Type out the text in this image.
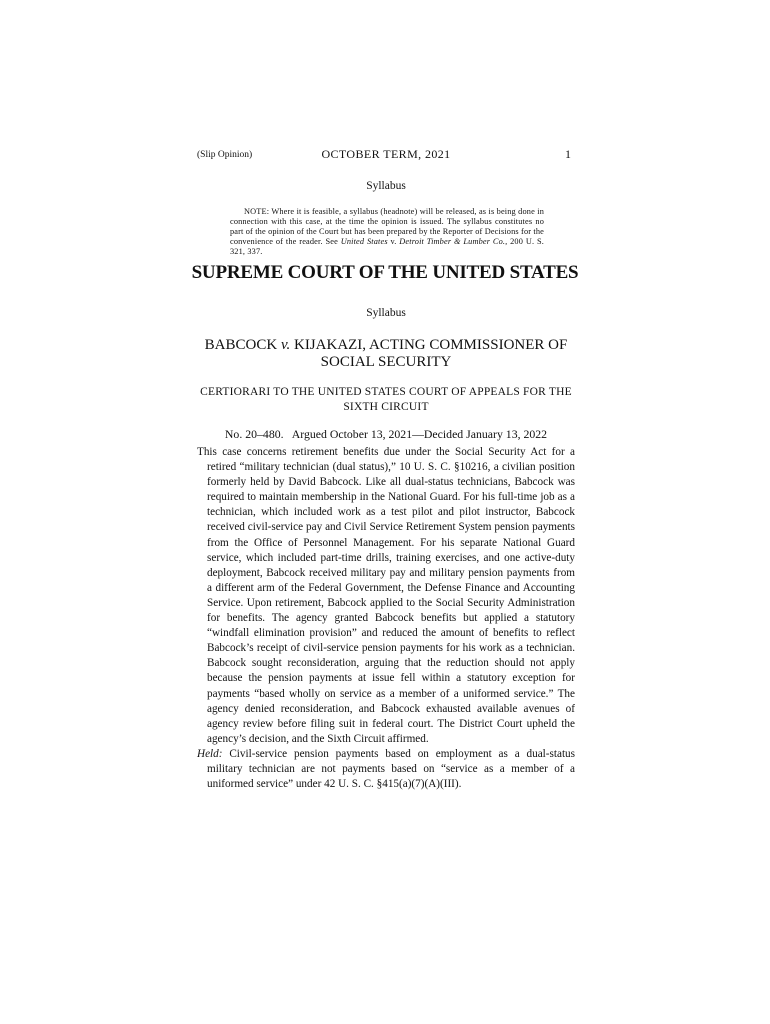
(Slip Opinion)	OCTOBER TERM, 2021	1
Syllabus
NOTE: Where it is feasible, a syllabus (headnote) will be released, as is being done in connection with this case, at the time the opinion is issued. The syllabus constitutes no part of the opinion of the Court but has been prepared by the Reporter of Decisions for the convenience of the reader. See United States v. Detroit Timber & Lumber Co., 200 U. S. 321, 337.
SUPREME COURT OF THE UNITED STATES
Syllabus
BABCOCK v. KIJAKAZI, ACTING COMMISSIONER OF SOCIAL SECURITY
CERTIORARI TO THE UNITED STATES COURT OF APPEALS FOR THE SIXTH CIRCUIT
No. 20–480.   Argued October 13, 2021—Decided January 13, 2022

This case concerns retirement benefits due under the Social Security Act for a retired “military technician (dual status),” 10 U. S. C. §10216, a civilian position formerly held by David Babcock. Like all dual-status technicians, Babcock was required to maintain membership in the National Guard. For his full-time job as a technician, which included work as a test pilot and pilot instructor, Babcock received civil-service pay and Civil Service Retirement System pension payments from the Office of Personnel Management. For his separate National Guard service, which included part-time drills, training exercises, and one active-duty deployment, Babcock received military pay and military pension payments from a different arm of the Federal Government, the Defense Finance and Accounting Service. Upon retirement, Babcock applied to the Social Security Administration for benefits. The agency granted Babcock benefits but applied a statutory “windfall elimination provision” and reduced the amount of benefits to reflect Babcock’s receipt of civil-service pension payments for his work as a technician. Babcock sought reconsideration, arguing that the reduction should not apply because the pension payments at issue fell within a statutory exception for payments “based wholly on service as a member of a uniformed service.” The agency denied reconsideration, and Babcock exhausted available avenues of agency review before filing suit in federal court. The District Court upheld the agency’s decision, and the Sixth Circuit affirmed.

Held: Civil-service pension payments based on employment as a dual-status military technician are not payments based on “service as a member of a uniformed service” under 42 U. S. C. §415(a)(7)(A)(III).
